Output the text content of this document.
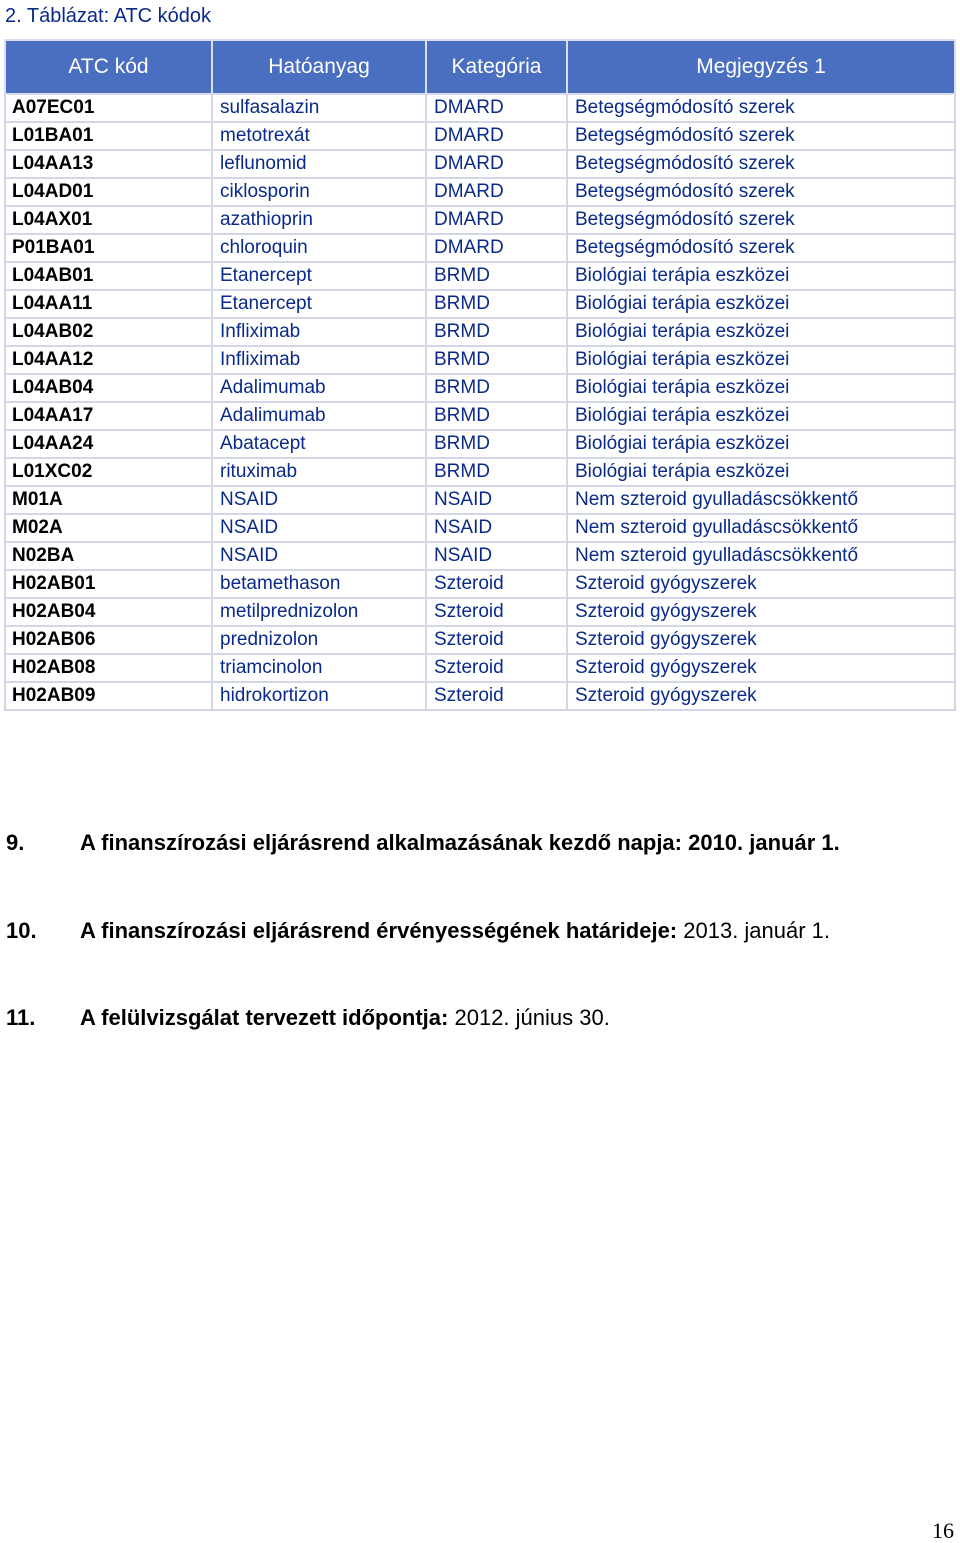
2. Táblázat: ATC kódok
ATC kód	Hatóanyag	Kategória	Megjegyzés 1
A07EC01	sulfasalazin	DMARD	Betegségmódosító szerek
L01BA01	metotrexát	DMARD	Betegségmódosító szerek
L04AA13	leflunomid	DMARD	Betegségmódosító szerek
L04AD01	ciklosporin	DMARD	Betegségmódosító szerek
L04AX01	azathioprin	DMARD	Betegségmódosító szerek
P01BA01	chloroquin	DMARD	Betegségmódosító szerek
L04AB01	Etanercept	BRMD	Biológiai terápia eszközei
L04AA11	Etanercept	BRMD	Biológiai terápia eszközei
L04AB02	Infliximab	BRMD	Biológiai terápia eszközei
L04AA12	Infliximab	BRMD	Biológiai terápia eszközei
L04AB04	Adalimumab	BRMD	Biológiai terápia eszközei
L04AA17	Adalimumab	BRMD	Biológiai terápia eszközei
L04AA24	Abatacept	BRMD	Biológiai terápia eszközei
L01XC02	rituximab	BRMD	Biológiai terápia eszközei
M01A	NSAID	NSAID	Nem szteroid gyulladáscsökkentő
M02A	NSAID	NSAID	Nem szteroid gyulladáscsökkentő
N02BA	NSAID	NSAID	Nem szteroid gyulladáscsökkentő
H02AB01	betamethason	Szteroid	Szteroid gyógyszerek
H02AB04	metilprednizolon	Szteroid	Szteroid gyógyszerek
H02AB06	prednizolon	Szteroid	Szteroid gyógyszerek
H02AB08	triamcinolon	Szteroid	Szteroid gyógyszerek
H02AB09	hidrokortizon	Szteroid	Szteroid gyógyszerek
9.	A finanszírozási eljárásrend alkalmazásának kezdő napja: 2010. január 1.
10. A finanszírozási eljárásrend érvényességének határideje: 2013. január 1.
11. A felülvizsgálat tervezett időpontja: 2012. június 30.
16
